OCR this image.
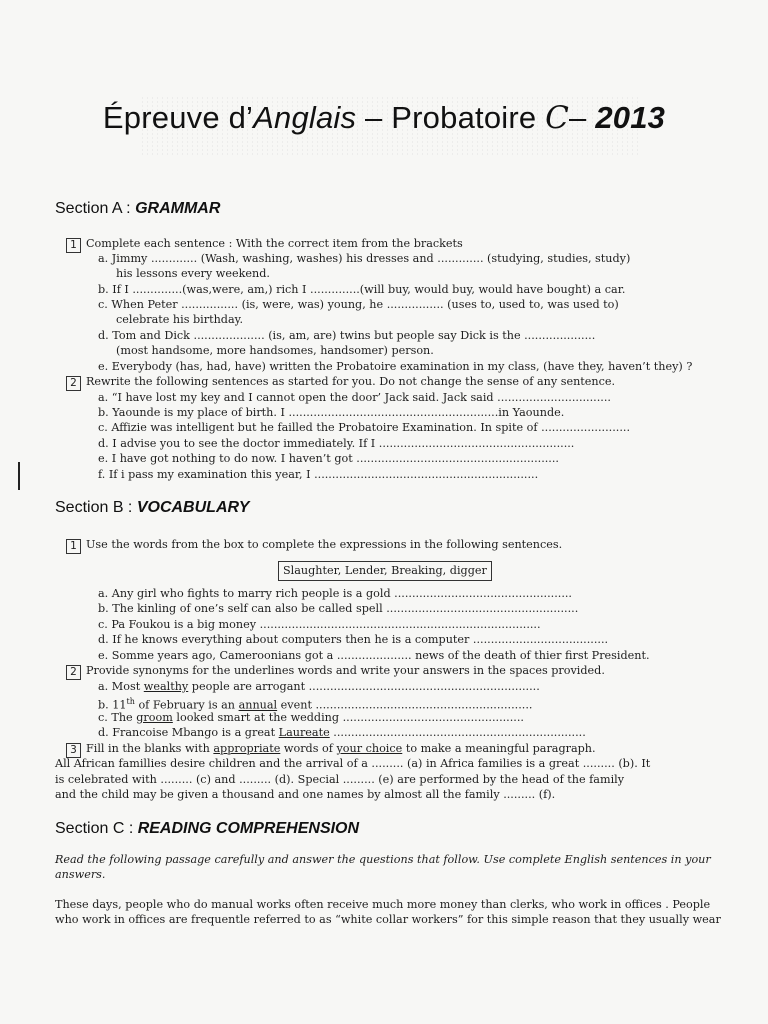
Épreuve d’Anglais – Probatoire C– 2013
Section A : GRAMMAR
1 Complete each sentence : With the correct item from the brackets
a. Jimmy ............. (Wash, washing, washes) his dresses and ............. (studying, studies, study)
his lessons every weekend.
b. If I ..............(was,were, am,) rich I ..............(will buy, would buy, would have bought) a car.
c. When Peter ................ (is, were, was) young, he ................ (uses to, used to, was used to)
celebrate his birthday.
d. Tom and Dick .................... (is, am, are) twins but people say Dick is the ....................
(most handsome, more handsomes, handsomer) person.
e. Everybody (has, had, have) written the Probatoire examination in my class, (have they, haven’t they) ?
2 Rewrite the following sentences as started for you. Do not change the sense of any sentence.
a. “I have lost my key and I cannot open the door’ Jack said. Jack said ................................
b. Yaounde is my place of birth. I ...........................................................in Yaounde.
c. Affizie was intelligent but he failled the Probatoire Examination. In spite of .........................
d. I advise you to see the doctor immediately. If I .......................................................
e. I have got nothing to do now. I haven’t got .........................................................
f. If i pass my examination this year, I ...............................................................
Section B : VOCABULARY
1 Use the words from the box to complete the expressions in the following sentences.
Slaughter, Lender, Breaking, digger
a. Any girl who fights to marry rich people is a gold ..................................................
b. The kinling of one’s self can also be called spell ......................................................
c. Pa Foukou is a big money ...............................................................................
d. If he knows everything about computers then he is a computer ......................................
e. Somme years ago, Cameroonians got a ..................... news of the death of thier first President.
2 Provide synonyms for the underlines words and write your answers in the spaces provided.
a. Most wealthy people are arrogant .................................................................
b. 11th of February is an annual event .............................................................
c. The groom looked smart at the wedding ...................................................
d. Francoise Mbango is a great Laureate .......................................................................
3 Fill in the blanks with appropriate words of your choice to make a meaningful paragraph.
All African famillies desire children and the arrival of a ......... (a) in Africa families is a great ......... (b). It
is celebrated with ......... (c) and ......... (d). Special ......... (e) are performed by the head of the family
and the child may be given a thousand and one names by almost all the family ......... (f).
Section C : READING COMPREHENSION
Read the following passage carefully and answer the questions that follow. Use complete English sentences in your
answers.
These days, people who do manual works often receive much more money than clerks, who work in offices . People
who work in offices are frequentle referred to as “white collar workers” for this simple reason that they usually wear
